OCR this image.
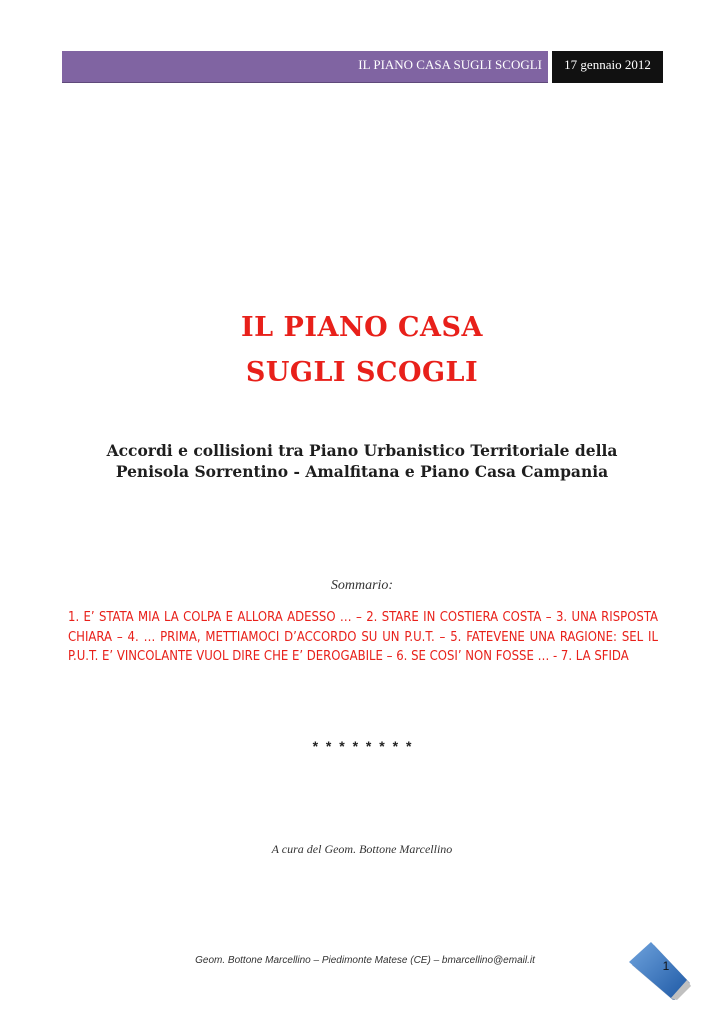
IL PIANO CASA SUGLI SCOGLI	17 gennaio 2012
IL PIANO CASA
SUGLI SCOGLI

Accordi e collisioni tra Piano Urbanistico Territoriale della Penisola Sorrentino - Amalfitana e Piano Casa Campania

Sommario:

1. E’ STATA MIA LA COLPA E ALLORA ADESSO … – 2. STARE IN COSTIERA COSTA – 3. UNA RISPOSTA CHIARA – 4. … PRIMA, METTIAMOCI D’ACCORDO SU UN P.U.T. – 5. FATEVENE UNA RAGIONE: SEL IL P.U.T. E’ VINCOLANTE VUOL DIRE CHE E’ DEROGABILE – 6. SE COSI’ NON FOSSE … - 7. LA SFIDA

* * * * * * * *
A cura del Geom. Bottone Marcellino
Geom. Bottone Marcellino – Piedimonte Matese (CE) – bmarcellino@email.it	1
